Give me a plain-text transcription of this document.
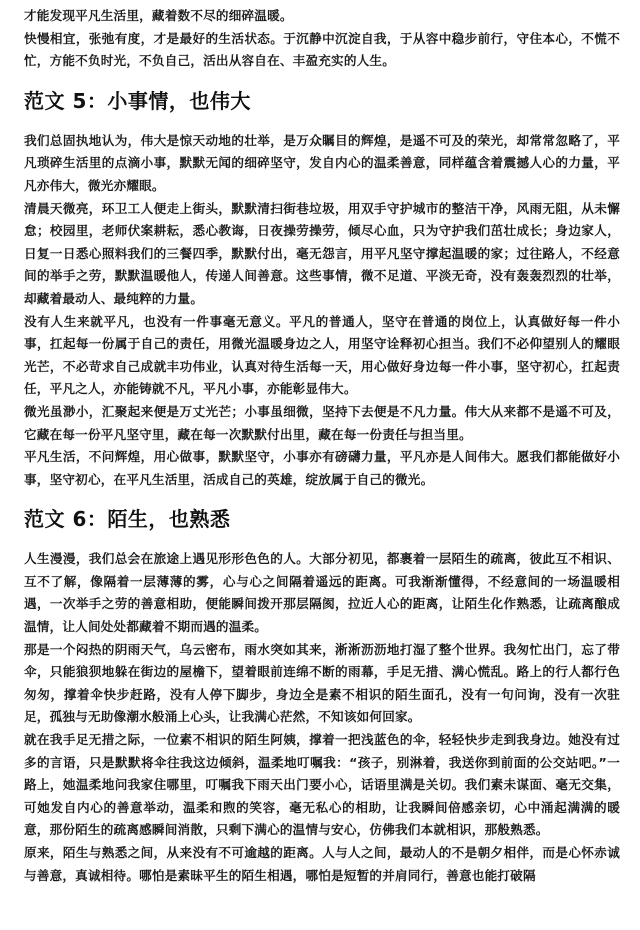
才能发现平凡生活里，藏着数不尽的细碎温暖。

快慢相宜，张弛有度，才是最好的生活状态。于沉静中沉淀自我，于从容中稳步前行，守住本心，不慌不忙，方能不负时光，不负自己，活出从容自在、丰盈充实的人生。

范文 5：小事情，也伟大

我们总固执地认为，伟大是惊天动地的壮举，是万众瞩目的辉煌，是遥不可及的荣光，却常常忽略了，平凡琐碎生活里的点滴小事，默默无闻的细碎坚守，发自内心的温柔善意，同样蕴含着震撼人心的力量，平凡亦伟大，微光亦耀眼。

清晨天微亮，环卫工人便走上街头，默默清扫街巷垃圾，用双手守护城市的整洁干净，风雨无阻，从未懈怠；校园里，老师伏案耕耘，悉心教诲，日夜操劳操劳，倾尽心血，只为守护我们茁壮成长；身边家人，日复一日悉心照料我们的三餐四季，默默付出，毫无怨言，用平凡坚守撑起温暖的家；过往路人，不经意间的举手之劳，默默温暖他人，传递人间善意。这些事情，微不足道、平淡无奇，没有轰轰烈烈的壮举，却藏着最动人、最纯粹的力量。

没有人生来就平凡，也没有一件事毫无意义。平凡的普通人，坚守在普通的岗位上，认真做好每一件小事，扛起每一份属于自己的责任，用微光温暖身边之人，用坚守诠释初心担当。我们不必仰望别人的耀眼光芒，不必苛求自己成就丰功伟业，认真对待生活每一天，用心做好身边每一件小事，坚守初心，扛起责任，平凡之人，亦能铸就不凡，平凡小事，亦能彰显伟大。

微光虽渺小，汇聚起来便是万丈光芒；小事虽细微，坚持下去便是不凡力量。伟大从来都不是遥不可及，它藏在每一份平凡坚守里，藏在每一次默默付出里，藏在每一份责任与担当里。

平凡生活，不问辉煌，用心做事，默默坚守，小事亦有磅礴力量，平凡亦是人间伟大。愿我们都能做好小事，坚守初心，在平凡生活里，活成自己的英雄，绽放属于自己的微光。

范文 6：陌生，也熟悉

人生漫漫，我们总会在旅途上遇见形形色色的人。大部分初见，都裹着一层陌生的疏离，彼此互不相识、互不了解，像隔着一层薄薄的雾，心与心之间隔着遥远的距离。可我渐渐懂得，不经意间的一场温暖相遇，一次举手之劳的善意相助，便能瞬间拨开那层隔阂，拉近人心的距离，让陌生化作熟悉，让疏离酿成温情，让人间处处都藏着不期而遇的温柔。

那是一个闷热的阴雨天气，乌云密布，雨水突如其来，淅淅沥沥地打湿了整个世界。我匆忙出门，忘了带伞，只能狼狈地躲在街边的屋檐下，望着眼前连绵不断的雨幕，手足无措、满心慌乱。路上的行人都行色匆匆，撑着伞快步赶路，没有人停下脚步，身边全是素不相识的陌生面孔，没有一句问询，没有一次驻足，孤独与无助像潮水般涌上心头，让我满心茫然，不知该如何回家。

就在我手足无措之际，一位素不相识的陌生阿姨，撑着一把浅蓝色的伞，轻轻快步走到我身边。她没有过多的言语，只是默默将伞往我这边倾斜，温柔地叮嘱我：“孩子，别淋着，我送你到前面的公交站吧。”一路上，她温柔地问我家住哪里，叮嘱我下雨天出门要小心，话语里满是关切。我们素未谋面、毫无交集，可她发自内心的善意举动，温柔和煦的笑容，毫无私心的相助，让我瞬间倍感亲切，心中涌起满满的暖意，那份陌生的疏离感瞬间消散，只剩下满心的温情与安心，仿佛我们本就相识，那般熟悉。

原来，陌生与熟悉之间，从来没有不可逾越的距离。人与人之间，最动人的不是朝夕相伴，而是心怀赤诚与善意，真诚相待。哪怕是素昧平生的陌生相遇，哪怕是短暂的并肩同行，善意也能打破隔
